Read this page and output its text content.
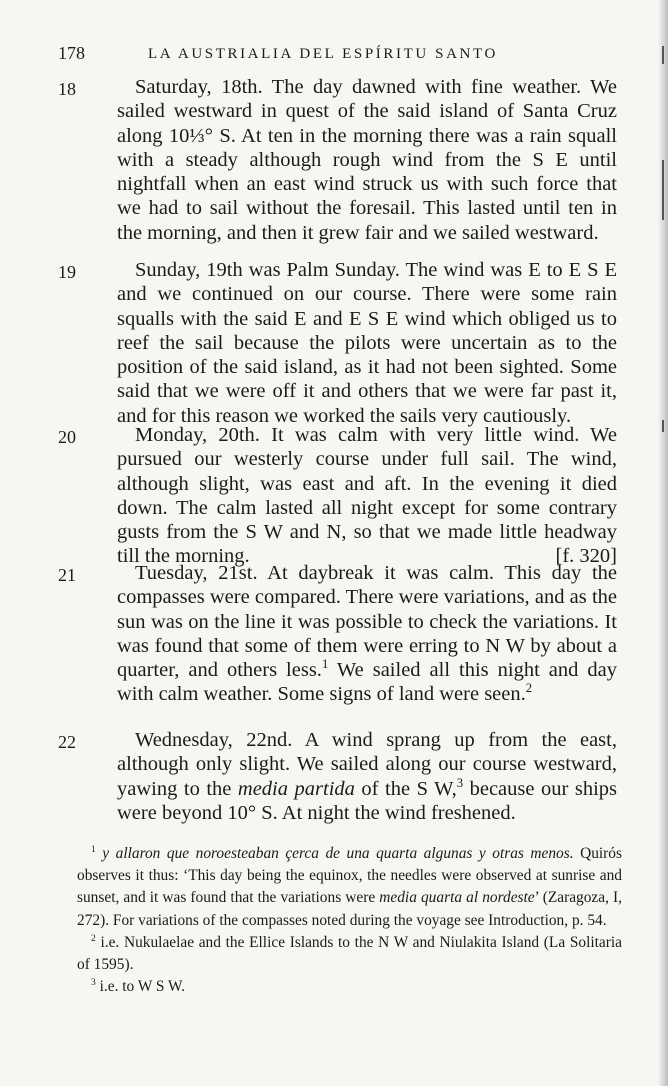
178	LA AUSTRIALIA DEL ESPÍRITU SANTO
18	Saturday, 18th. The day dawned with fine weather. We sailed westward in quest of the said island of Santa Cruz along 10⅓° S. At ten in the morning there was a rain squall with a steady although rough wind from the S E until nightfall when an east wind struck us with such force that we had to sail without the foresail. This lasted until ten in the morning, and then it grew fair and we sailed westward.

19	Sunday, 19th was Palm Sunday. The wind was E to E S E and we continued on our course. There were some rain squalls with the said E and E S E wind which obliged us to reef the sail because the pilots were uncertain as to the position of the said island, as it had not been sighted. Some said that we were off it and others that we were far past it, and for this reason we worked the sails very cautiously.

20	Monday, 20th. It was calm with very little wind. We pursued our westerly course under full sail. The wind, although slight, was east and aft. In the evening it died down. The calm lasted all night except for some contrary gusts from the S W and N, so that we made little headway till the morning.	[f. 320]

21	Tuesday, 21st. At daybreak it was calm. This day the compasses were compared. There were variations, and as the sun was on the line it was possible to check the variations. It was found that some of them were erring to N W by about a quarter, and others less.$^1$ We sailed all this night and day with calm weather. Some signs of land were seen.$^2$

22	Wednesday, 22nd. A wind sprang up from the east, although only slight. We sailed along our course westward, yawing to the media partida of the S W,$^3$ because our ships were beyond 10° S. At night the wind freshened.

$^1$ y allaron que noroesteaban çerca de una quarta algunas y otras menos. Quirós observes it thus: ‘This day being the equinox, the needles were observed at sunrise and sunset, and it was found that the variations were media quarta al nordeste’ (Zaragoza, I, 272). For variations of the compasses noted during the voyage see Introduction, p. 54.

$^2$ i.e. Nukulaelae and the Ellice Islands to the N W and Niulakita Island (La Solitaria of 1595).

$^3$ i.e. to W S W.
